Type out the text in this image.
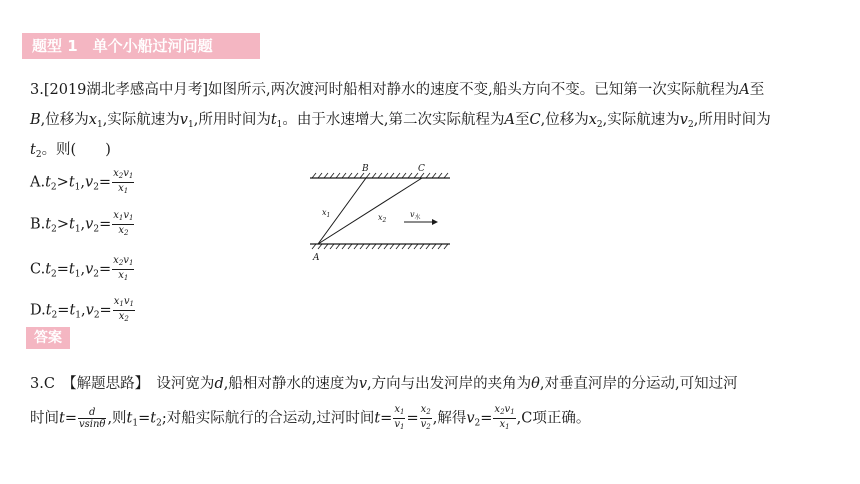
题型 1　单个小船过河问题
3.[2019湖北孝感高中月考]如图所示,两次渡河时船相对静水的速度不变,船头方向不变。已知第一次实际航程为A至
B,位移为$x_1$,实际航速为$v_1$,所用时间为$t_1$。由于水速增大,第二次实际航程为A至C,位移为$x_2$,实际航速为$v_2$,所用时间为
$t_2$。则(　　)
$A.t_2>t_1,v_2= \frac{x_2v_1}{x_1}$
$B.t_2>t_1,v_2= \frac{x_1v_1}{x_2}$
$C.t_2=t_1,v_2= \frac{x_2v_1}{x_1}$
$D.t_2=t_1,v_2= \frac{x_1v_1}{x_2}$
B	C
A
$x_1$	$x_2$
$v_水$
答案
3.C　【解题思路】　设河宽为d,船相对静水的速度为v,方向与出发河岸的夹角为θ,对垂直河岸的分运动,可知过河
时间$t= \frac{d}{vsin\theta}$ ,则$t_1=t_2$;对船实际航行的合运动,过河时间$t= \frac{x_1}{v_1} = \frac{x_2}{v_2}$ ,解得$v_2= \frac{x_2v_1}{x_1} ,C$项正确。
